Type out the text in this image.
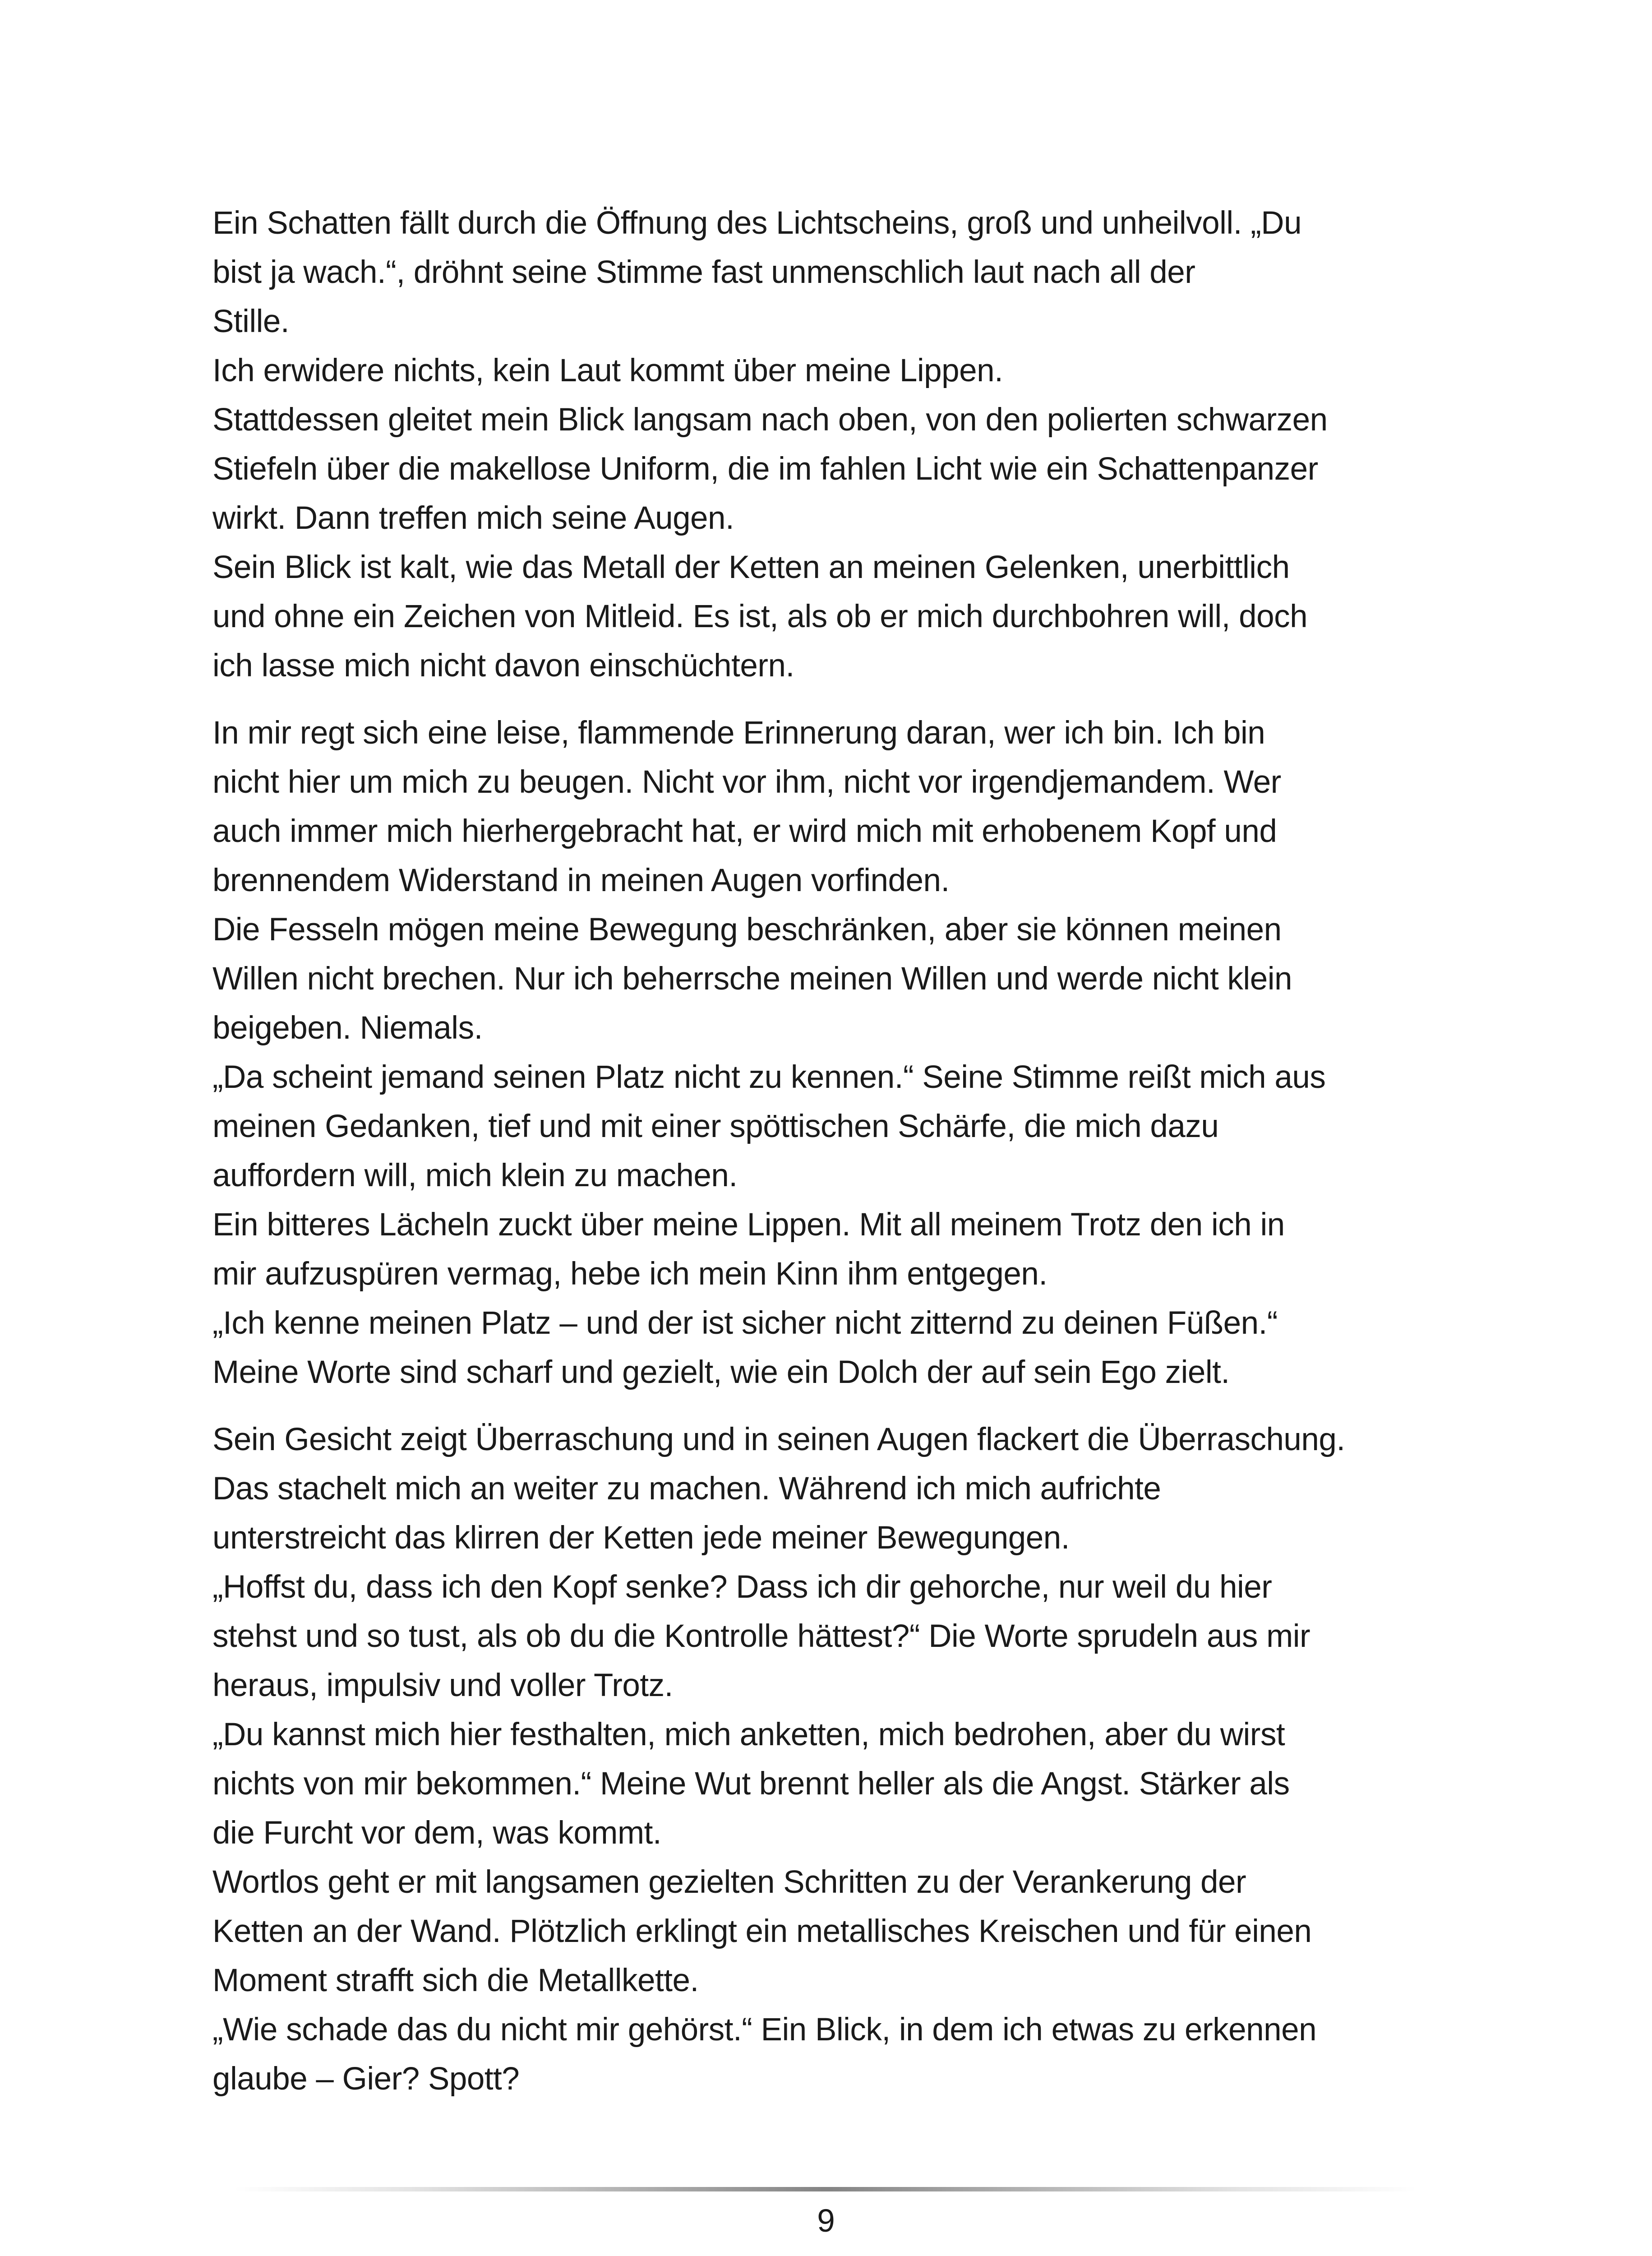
Ein Schatten fällt durch die Öffnung des Lichtscheins, groß und unheilvoll. „Du
bist ja wach.“, dröhnt seine Stimme fast unmenschlich laut nach all der
Stille.
Ich erwidere nichts, kein Laut kommt über meine Lippen.
Stattdessen gleitet mein Blick langsam nach oben, von den polierten schwarzen
Stiefeln über die makellose Uniform, die im fahlen Licht wie ein Schattenpanzer
wirkt. Dann treffen mich seine Augen.
Sein Blick ist kalt, wie das Metall der Ketten an meinen Gelenken, unerbittlich
und ohne ein Zeichen von Mitleid. Es ist, als ob er mich durchbohren will, doch
ich lasse mich nicht davon einschüchtern.

In mir regt sich eine leise, flammende Erinnerung daran, wer ich bin. Ich bin
nicht hier um mich zu beugen. Nicht vor ihm, nicht vor irgendjemandem. Wer
auch immer mich hierhergebracht hat, er wird mich mit erhobenem Kopf und
brennendem Widerstand in meinen Augen vorfinden.
Die Fesseln mögen meine Bewegung beschränken, aber sie können meinen
Willen nicht brechen. Nur ich beherrsche meinen Willen und werde nicht klein
beigeben. Niemals.
„Da scheint jemand seinen Platz nicht zu kennen.“ Seine Stimme reißt mich aus
meinen Gedanken, tief und mit einer spöttischen Schärfe, die mich dazu
auffordern will, mich klein zu machen.
Ein bitteres Lächeln zuckt über meine Lippen. Mit all meinem Trotz den ich in
mir aufzuspüren vermag, hebe ich mein Kinn ihm entgegen.
„Ich kenne meinen Platz – und der ist sicher nicht zitternd zu deinen Füßen.“
Meine Worte sind scharf und gezielt, wie ein Dolch der auf sein Ego zielt.

Sein Gesicht zeigt Überraschung und in seinen Augen flackert die Überraschung.
Das stachelt mich an weiter zu machen. Während ich mich aufrichte
unterstreicht das klirren der Ketten jede meiner Bewegungen.
„Hoffst du, dass ich den Kopf senke? Dass ich dir gehorche, nur weil du hier
stehst und so tust, als ob du die Kontrolle hättest?“ Die Worte sprudeln aus mir
heraus, impulsiv und voller Trotz.
„Du kannst mich hier festhalten, mich anketten, mich bedrohen, aber du wirst
nichts von mir bekommen.“ Meine Wut brennt heller als die Angst. Stärker als
die Furcht vor dem, was kommt.
Wortlos geht er mit langsamen gezielten Schritten zu der Verankerung der
Ketten an der Wand. Plötzlich erklingt ein metallisches Kreischen und für einen
Moment strafft sich die Metallkette.
„Wie schade das du nicht mir gehörst.“ Ein Blick, in dem ich etwas zu erkennen
glaube – Gier? Spott?

9
